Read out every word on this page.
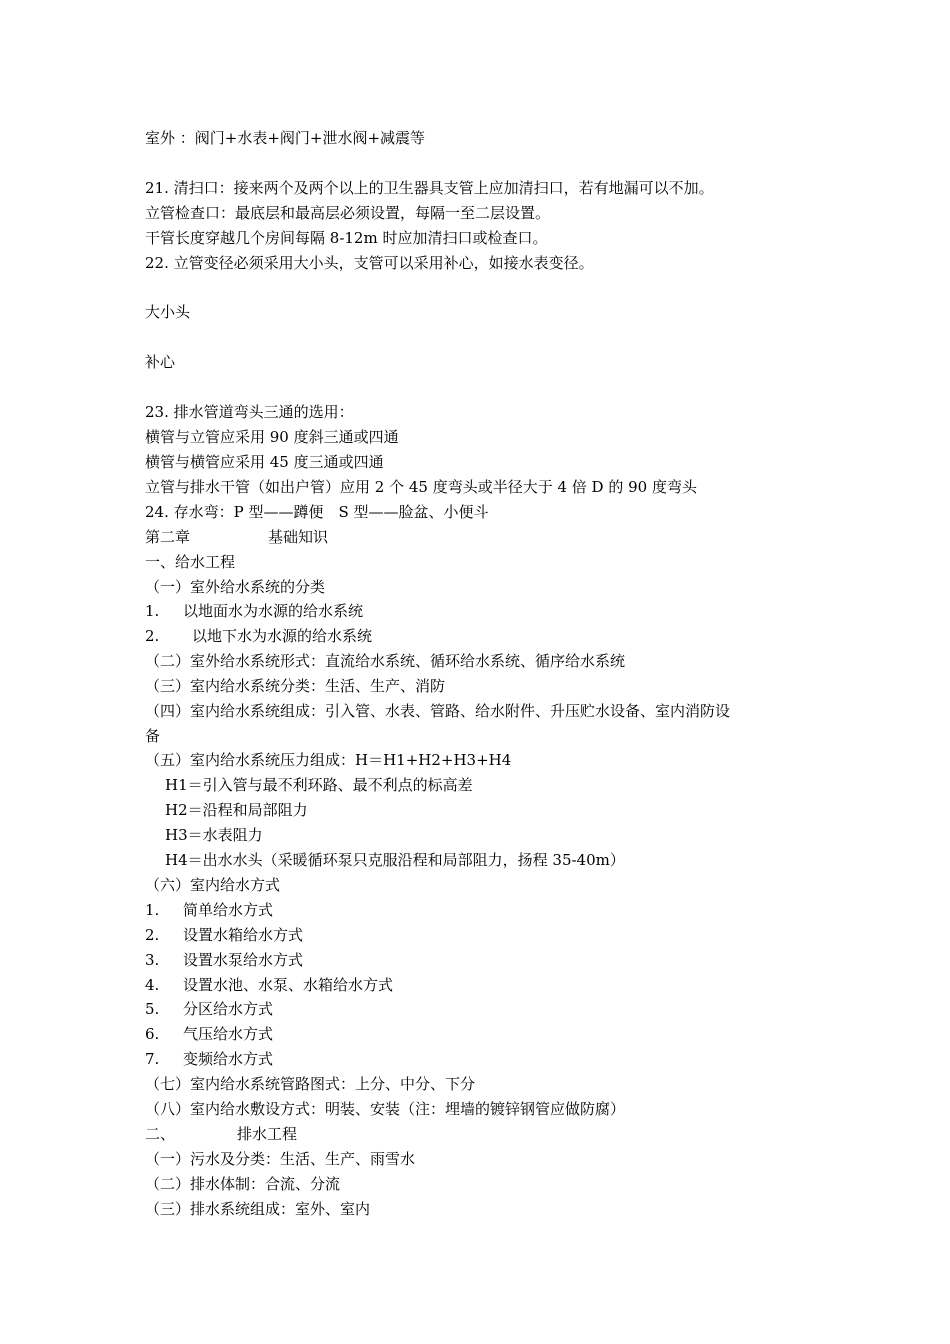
室外 ：阀门+水表+阀门+泄水阀+减震等
21. 清扫口：接来两个及两个以上的卫生器具支管上应加清扫口，若有地漏可以不加。
立管检查口：最底层和最高层必须设置，每隔一至二层设置。
干管长度穿越几个房间每隔 8-12m 时应加清扫口或检查口。
22. 立管变径必须采用大小头，支管可以采用补心，如接水表变径。
大小头
补心
23. 排水管道弯头三通的选用：
横管与立管应采用 90 度斜三通或四通
横管与横管应采用 45 度三通或四通
立管与排水干管（如出户管）应用 2 个 45 度弯头或半径大于 4 倍 D 的 90 度弯头
24. 存水弯：P 型——蹲便　S 型——脸盆、小便斗
第二章	基础知识
一、给水工程
（一）室外给水系统的分类
1. 以地面水为水源的给水系统
2. 以地下水为水源的给水系统
（二）室外给水系统形式：直流给水系统、循环给水系统、循序给水系统
（三）室内给水系统分类：生活、生产、消防
（四）室内给水系统组成：引入管、水表、管路、给水附件、升压贮水设备、室内消防设
备
（五）室内给水系统压力组成：H＝H1+H2+H3+H4
H1＝引入管与最不利环路、最不利点的标高差
H2＝沿程和局部阻力
H3＝水表阻力
H4＝出水水头（采暖循环泵只克服沿程和局部阻力，扬程 35-40m）
（六）室内给水方式
1. 简单给水方式
2. 设置水箱给水方式
3. 设置水泵给水方式
4. 设置水池、水泵、水箱给水方式
5. 分区给水方式
6. 气压给水方式
7. 变频给水方式
（七）室内给水系统管路图式：上分、中分、下分
（八）室内给水敷设方式：明装、安装（注：埋墙的镀锌钢管应做防腐）
二、	排水工程
（一）污水及分类：生活、生产、雨雪水
（二）排水体制：合流、分流
（三）排水系统组成：室外、室内
